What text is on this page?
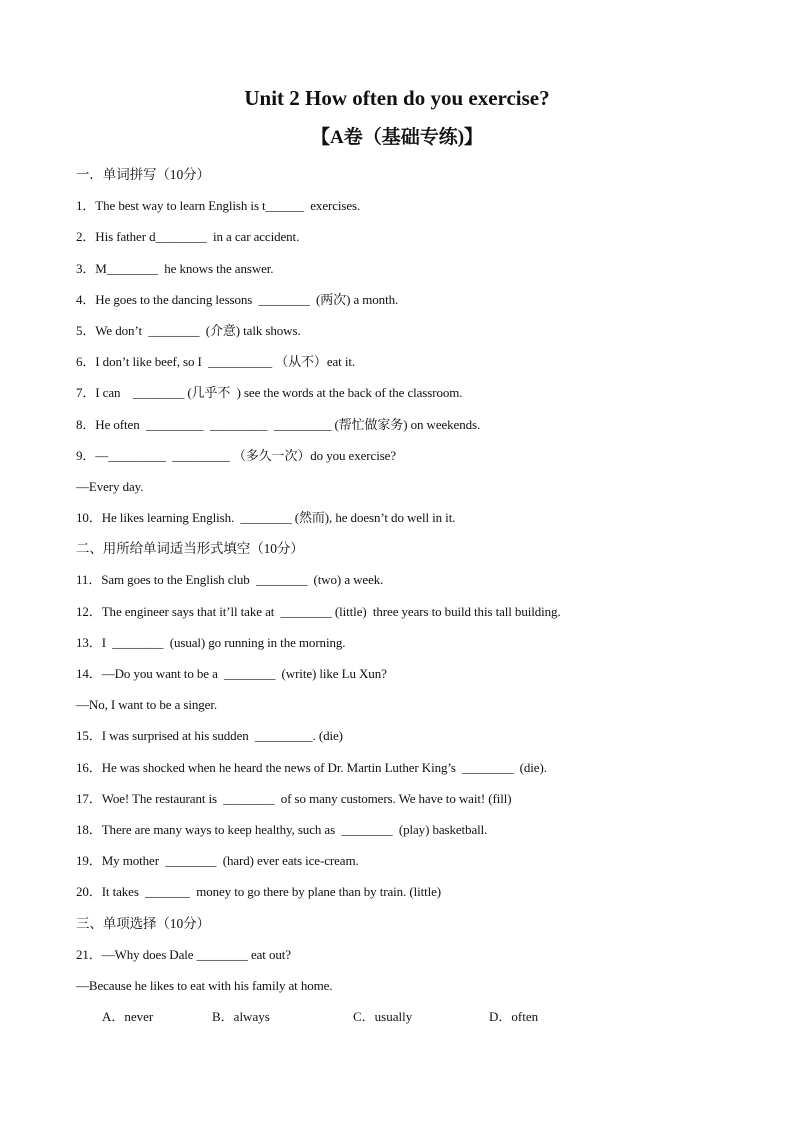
Unit 2 How often do you exercise?
【A卷（基础专练)】
一．单词拼写（10分）
1．The best way to learn English is t______  exercises.
2．His father d________  in a car accident.
3．M________  he knows the answer.
4．He goes to the dancing lessons  ________  (两次) a month.
5．We don’t  ________  (介意) talk shows.
6．I don’t like beef, so I  __________ （从不）eat it.
7．I can    ________ (几乎不  ) see the words at the back of the classroom.
8．He often  _________  _________  _________ (帮忙做家务) on weekends.
9．—_________  _________ （多久一次）do you exercise?
—Every day.
10．He likes learning English.  ________ (然而), he doesn’t do well in it.
二、用所给单词适当形式填空（10分）
11．Sam goes to the English club  ________  (two) a week.
12．The engineer says that it’ll take at  ________ (little)  three years to build this tall building.
13．I  ________  (usual) go running in the morning.
14．—Do you want to be a  ________  (write) like Lu Xun?
—No, I want to be a singer.
15．I was surprised at his sudden  _________. (die)
16．He was shocked when he heard the news of Dr. Martin Luther King’s  ________  (die).
17．Woe! The restaurant is  ________  of so many customers. We have to wait! (fill)
18．There are many ways to keep healthy, such as  ________  (play) basketball.
19．My mother  ________  (hard) ever eats ice-cream.
20．It takes  _______  money to go there by plane than by train. (little)
三、单项选择（10分）
21．—Why does Dale ________ eat out?
—Because he likes to eat with his family at home.
A．never	B．always	C．usually	D．often
